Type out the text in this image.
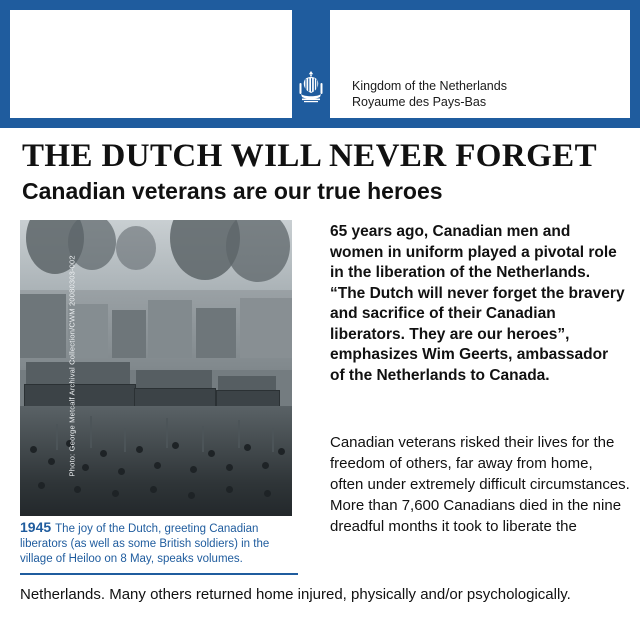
Kingdom of the Netherlands
Royaume des Pays-Bas
THE DUTCH WILL NEVER FORGET
Canadian veterans are our true heroes
Photo: George Metcalf Archival Collection/CWM 20080303-002
1945 The joy of the Dutch, greeting Canadian liberators (as well as some British soldiers) in the village of Heiloo on 8 May, speaks volumes.
65 years ago, Canadian men and women in uniform played a pivotal role in the liberation of the Netherlands. “The Dutch will never forget the bravery and sacrifice of their Canadian liberators. They are our heroes”, emphasizes Wim Geerts, ambassador of the Netherlands to Canada.
Canadian veterans risked their lives for the freedom of others, far away from home, often under extremely difficult circumstances. More than 7,600 Canadians died in the nine dreadful months it took to liberate the
Netherlands. Many others returned home injured, physically and/or psychologically.
